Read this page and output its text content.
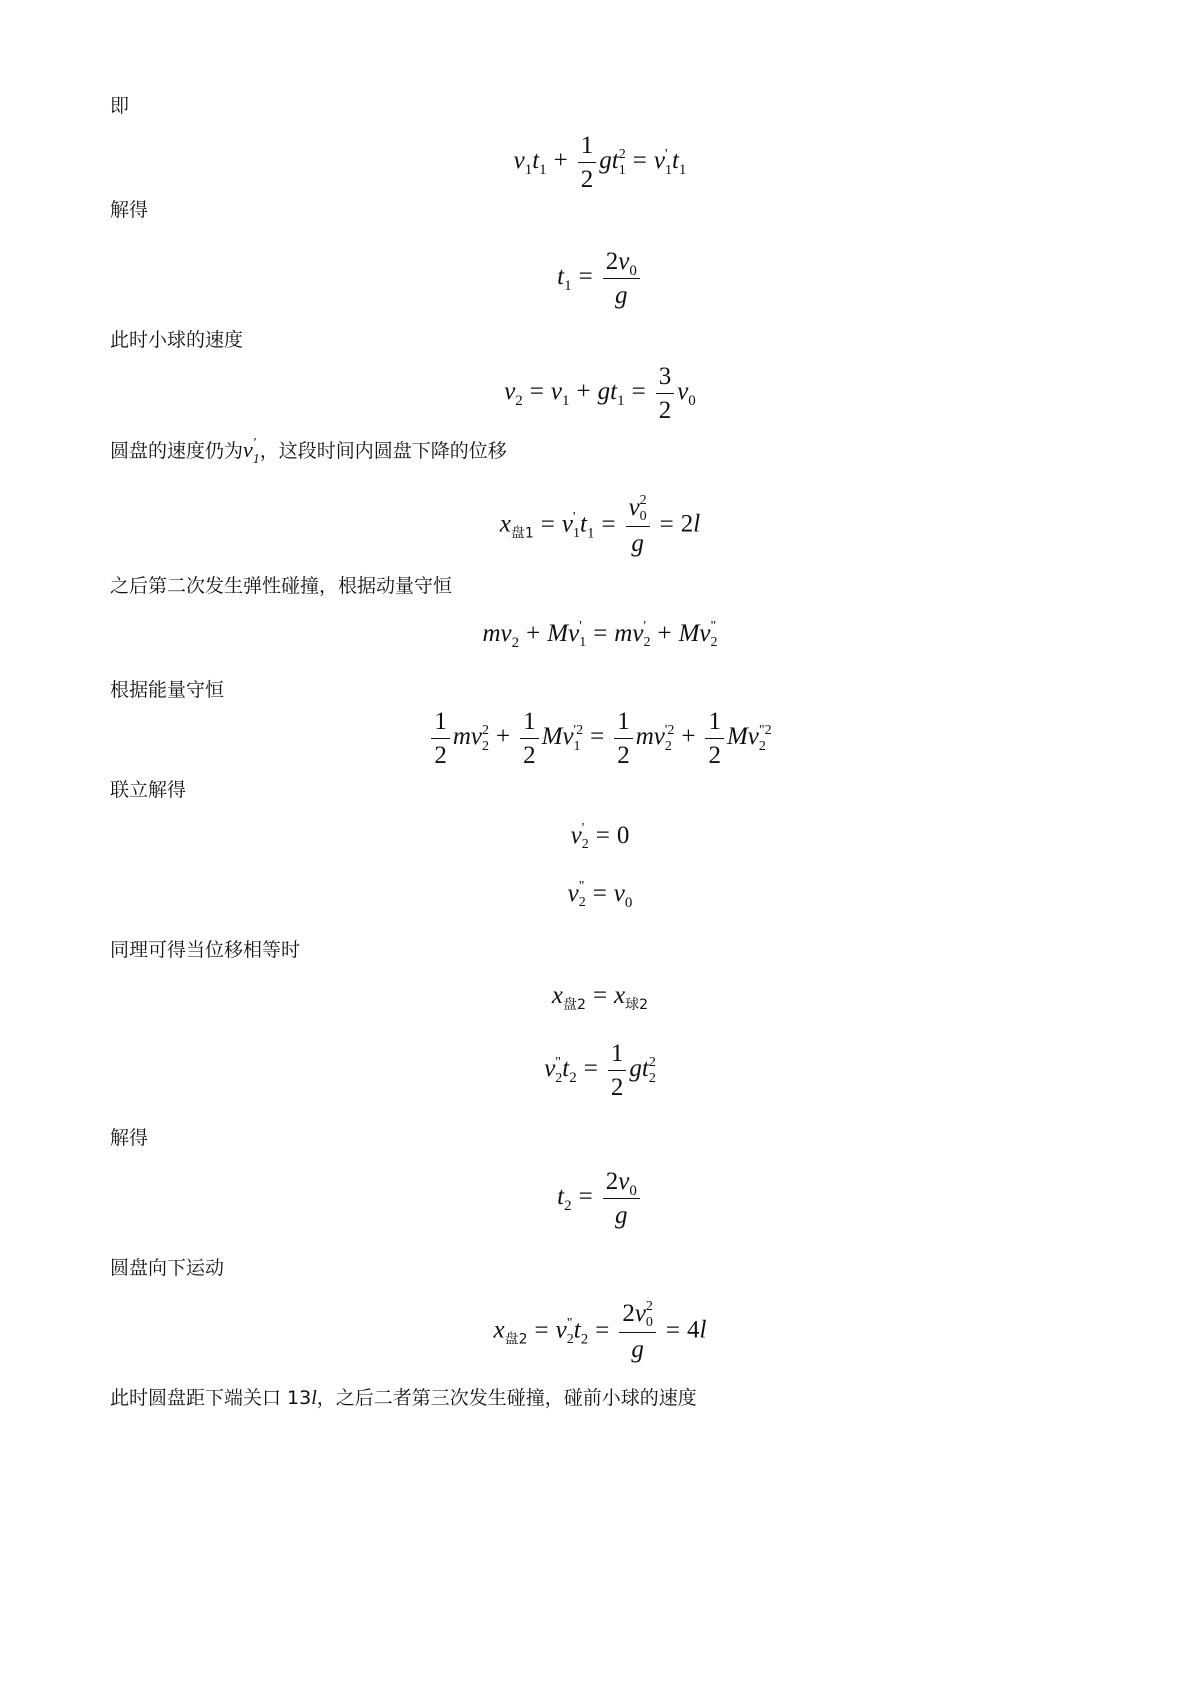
即
$v_1t_1 + \frac{1}{2}$ gt 2
1 = v '
1 $t_1$
解得
$t_1 = \frac{2v_0}{g}$
此时小球的速度
$v_2 = v_1 + gt_1 = \frac{3}{2} v_0$
圆盘的速度仍为v '
1 ，这段时间内圆盘下降的位移
$x_{盘1} = v$ '
1 $t_1 = v$ 2
0
g = 2l
之后第二次发生弹性碰撞，根据动量守恒
$mv_2 + Mv$ '
1 = mv '
2 + Mv "
2
根据能量守恒
$\frac{1}{2}$ mv 2
$2 + \frac{1}{2}$ Mv '2
$1 = \frac{1}{2}$ mv '2
$2 + \frac{1}{2}$ Mv "2
2
联立解得
v '
2 = 0
v "
$2 = v_0$
同理可得当位移相等时
$x_{盘2} = x_{球2}$
v "
2 $t_2 = \frac{1}{2}$ gt 2
2
解得
$t_2 = \frac{2v_0}{g}$
圆盘向下运动
$x_{盘2} = v$ "
2 $t_2 = 2v$ 2
0
g = 4l
此时圆盘距下端关口 13l，之后二者第三次发生碰撞，碰前小球的速度
